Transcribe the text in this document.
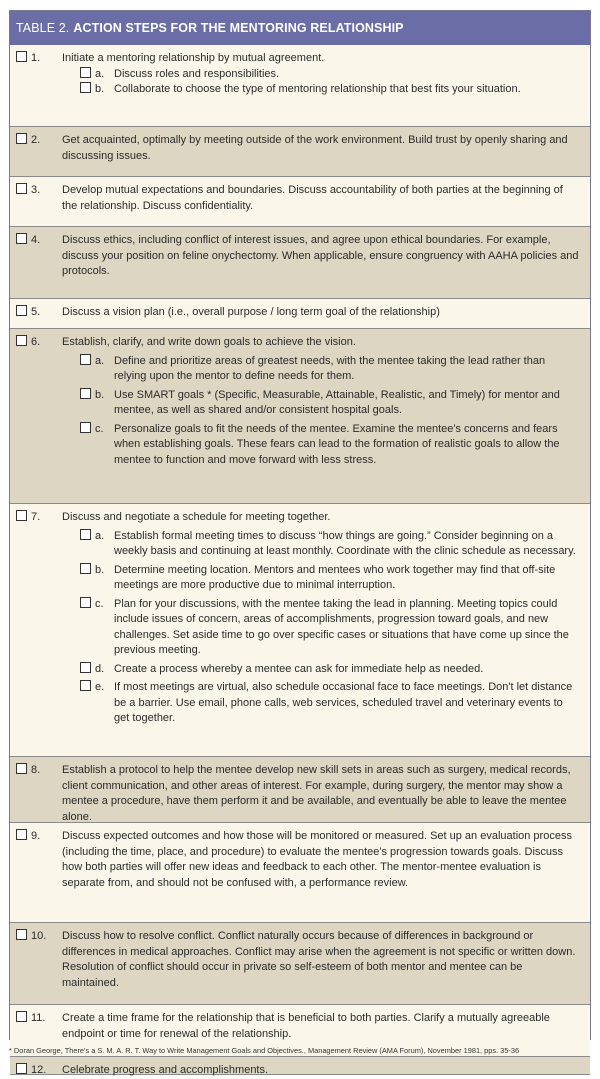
TABLE 2. ACTION STEPS FOR THE MENTORING RELATIONSHIP
1. Initiate a mentoring relationship by mutual agreement.
a. Discuss roles and responsibilities.
b. Collaborate to choose the type of mentoring relationship that best fits your situation.
2. Get acquainted, optimally by meeting outside of the work environment. Build trust by openly sharing and discussing issues.
3. Develop mutual expectations and boundaries. Discuss accountability of both parties at the beginning of the relationship. Discuss confidentiality.
4. Discuss ethics, including conflict of interest issues, and agree upon ethical boundaries. For example, discuss your position on feline onychectomy. When applicable, ensure congruency with AAHA policies and protocols.
5. Discuss a vision plan (i.e., overall purpose / long term goal of the relationship)
6. Establish, clarify, and write down goals to achieve the vision.
a. Define and prioritize areas of greatest needs, with the mentee taking the lead rather than relying upon the mentor to define needs for them.
b. Use SMART goals * (Specific, Measurable, Attainable, Realistic, and Timely) for mentor and mentee, as well as shared and/or consistent hospital goals.
c. Personalize goals to fit the needs of the mentee. Examine the mentee's concerns and fears when establishing goals. These fears can lead to the formation of realistic goals to allow the mentee to function and move forward with less stress.
7. Discuss and negotiate a schedule for meeting together.
a. Establish formal meeting times to discuss “how things are going.” Consider beginning on a weekly basis and continuing at least monthly. Coordinate with the clinic schedule as necessary.
b. Determine meeting location. Mentors and mentees who work together may find that off-site meetings are more productive due to minimal interruption.
c. Plan for your discussions, with the mentee taking the lead in planning. Meeting topics could include issues of concern, areas of accomplishments, progression toward goals, and new challenges. Set aside time to go over specific cases or situations that have come up since the previous meeting.
d. Create a process whereby a mentee can ask for immediate help as needed.
e. If most meetings are virtual, also schedule occasional face to face meetings. Don't let distance be a barrier. Use email, phone calls, web services, scheduled travel and veterinary events to get together.
8. Establish a protocol to help the mentee develop new skill sets in areas such as surgery, medical records, client communication, and other areas of interest. For example, during surgery, the mentor may show a mentee a procedure, have them perform it and be available, and eventually be able to leave the mentee alone.
9. Discuss expected outcomes and how those will be monitored or measured. Set up an evaluation process (including the time, place, and procedure) to evaluate the mentee's progression towards goals. Discuss how both parties will offer new ideas and feedback to each other. The mentor-mentee evaluation is separate from, and should not be confused with, a performance review.
10. Discuss how to resolve conflict. Conflict naturally occurs because of differences in background or differences in medical approaches. Conflict may arise when the agreement is not specific or written down. Resolution of conflict should occur in private so self-esteem of both mentor and mentee can be maintained.
11. Create a time frame for the relationship that is beneficial to both parties. Clarify a mutually agreeable endpoint or time for renewal of the relationship.
12. Celebrate progress and accomplishments.
* Doran George, There's a S. M. A. R. T. Way to Write Management Goals and Objectives., Management Review (AMA Forum), November 1981, pps. 35-36
